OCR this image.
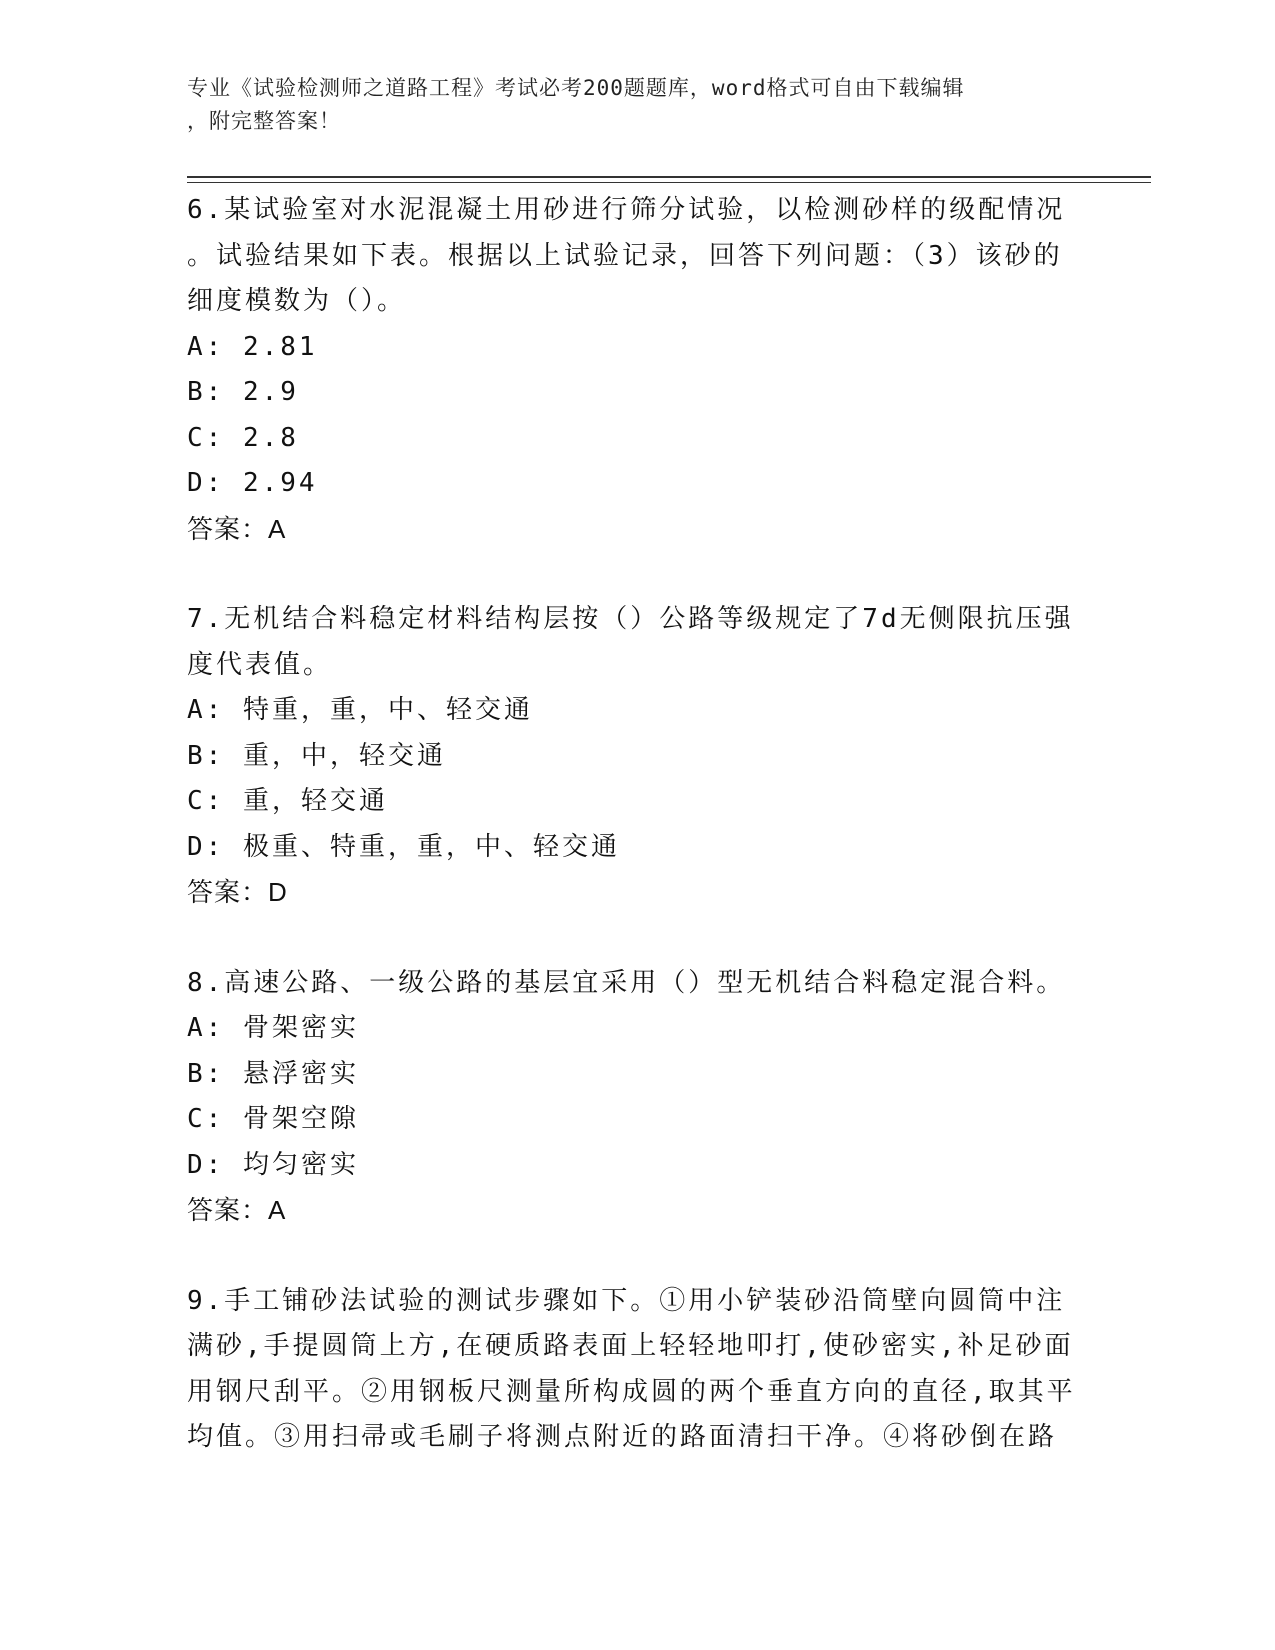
专业《试验检测师之道路工程》考试必考200题题库，word格式可自由下载编辑
，附完整答案！

6.某试验室对水泥混凝土用砂进行筛分试验，以检测砂样的级配情况

。试验结果如下表。根据以上试验记录，回答下列问题：（3）该砂的

细度模数为（）。

A: 2.81

B: 2.9

C: 2.8

D: 2.94

答案：A

7.无机结合料稳定材料结构层按（）公路等级规定了7d无侧限抗压强

度代表值。

A: 特重，重，中、轻交通

B: 重，中，轻交通

C: 重，轻交通

D: 极重、特重，重，中、轻交通

答案：D

8.高速公路、一级公路的基层宜采用（）型无机结合料稳定混合料。

A: 骨架密实

B: 悬浮密实

C: 骨架空隙

D: 均匀密实

答案：A

9.手工铺砂法试验的测试步骤如下。①用小铲装砂沿筒壁向圆筒中注

满砂,手提圆筒上方,在硬质路表面上轻轻地叩打,使砂密实,补足砂面

用钢尺刮平。②用钢板尺测量所构成圆的两个垂直方向的直径,取其平

均值。③用扫帚或毛刷子将测点附近的路面清扫干净。④将砂倒在路
